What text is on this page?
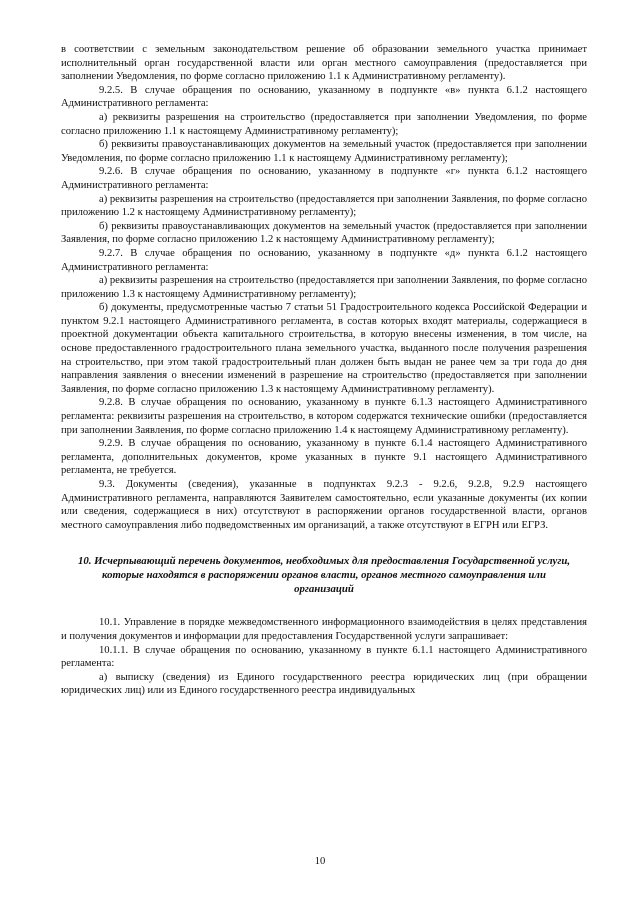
в соответствии с земельным законодательством решение об образовании земельного участка принимает исполнительный орган государственной власти или орган местного самоуправления (предоставляется при заполнении Уведомления, по форме согласно приложению 1.1 к Административному регламенту).

9.2.5. В случае обращения по основанию, указанному в подпункте «в» пункта 6.1.2 настоящего Административного регламента:

а) реквизиты разрешения на строительство (предоставляется при заполнении Уведомления, по форме согласно приложению 1.1 к настоящему Административному регламенту);

б) реквизиты правоустанавливающих документов на земельный участок (предоставляется при заполнении Уведомления, по форме согласно приложению 1.1 к настоящему Административному регламенту);

9.2.6. В случае обращения по основанию, указанному в подпункте «г» пункта 6.1.2 настоящего Административного регламента:

а) реквизиты разрешения на строительство (предоставляется при заполнении Заявления, по форме согласно приложению 1.2 к настоящему Административному регламенту);

б) реквизиты правоустанавливающих документов на земельный участок (предоставляется при заполнении Заявления, по форме согласно приложению 1.2 к настоящему Административному регламенту);

9.2.7. В случае обращения по основанию, указанному в подпункте «д» пункта 6.1.2 настоящего Административного регламента:

а) реквизиты разрешения на строительство (предоставляется при заполнении Заявления, по форме согласно приложению 1.3 к настоящему Административному регламенту);

б) документы, предусмотренные частью 7 статьи 51 Градостроительного кодекса Российской Федерации и пунктом 9.2.1 настоящего Административного регламента, в состав которых входят материалы, содержащиеся в проектной документации объекта капитального строительства, в которую внесены изменения, в том числе, на основе предоставленного градостроительного плана земельного участка, выданного после получения разрешения на строительство, при этом такой градостроительный план должен быть выдан не ранее чем за три года до дня направления заявления о внесении изменений в разрешение на строительство (предоставляется при заполнении Заявления, по форме согласно приложению 1.3 к настоящему Административному регламенту).

9.2.8. В случае обращения по основанию, указанному в пункте 6.1.3 настоящего Административного регламента: реквизиты разрешения на строительство, в котором содержатся технические ошибки (предоставляется при заполнении Заявления, по форме согласно приложению 1.4 к настоящему Административному регламенту).

9.2.9. В случае обращения по основанию, указанному в пункте 6.1.4 настоящего Административного регламента, дополнительных документов, кроме указанных в пункте 9.1 настоящего Административного регламента, не требуется.

9.3. Документы (сведения), указанные в подпунктах 9.2.3 - 9.2.6, 9.2.8, 9.2.9 настоящего Административного регламента, направляются Заявителем самостоятельно, если указанные документы (их копии или сведения, содержащиеся в них) отсутствуют в распоряжении органов государственной власти, органов местного самоуправления либо подведомственных им организаций, а также отсутствуют в ЕГРН или ЕГРЗ.

10. Исчерпывающий перечень документов, необходимых для предоставления Государственной услуги, которые находятся в распоряжении органов власти, органов местного самоуправления или организаций

10.1. Управление в порядке межведомственного информационного взаимодействия в целях представления и получения документов и информации для предоставления Государственной услуги запрашивает:

10.1.1. В случае обращения по основанию, указанному в пункте 6.1.1 настоящего Административного регламента:

а) выписку (сведения) из Единого государственного реестра юридических лиц (при обращении юридических лиц) или из Единого государственного реестра индивидуальных

10
